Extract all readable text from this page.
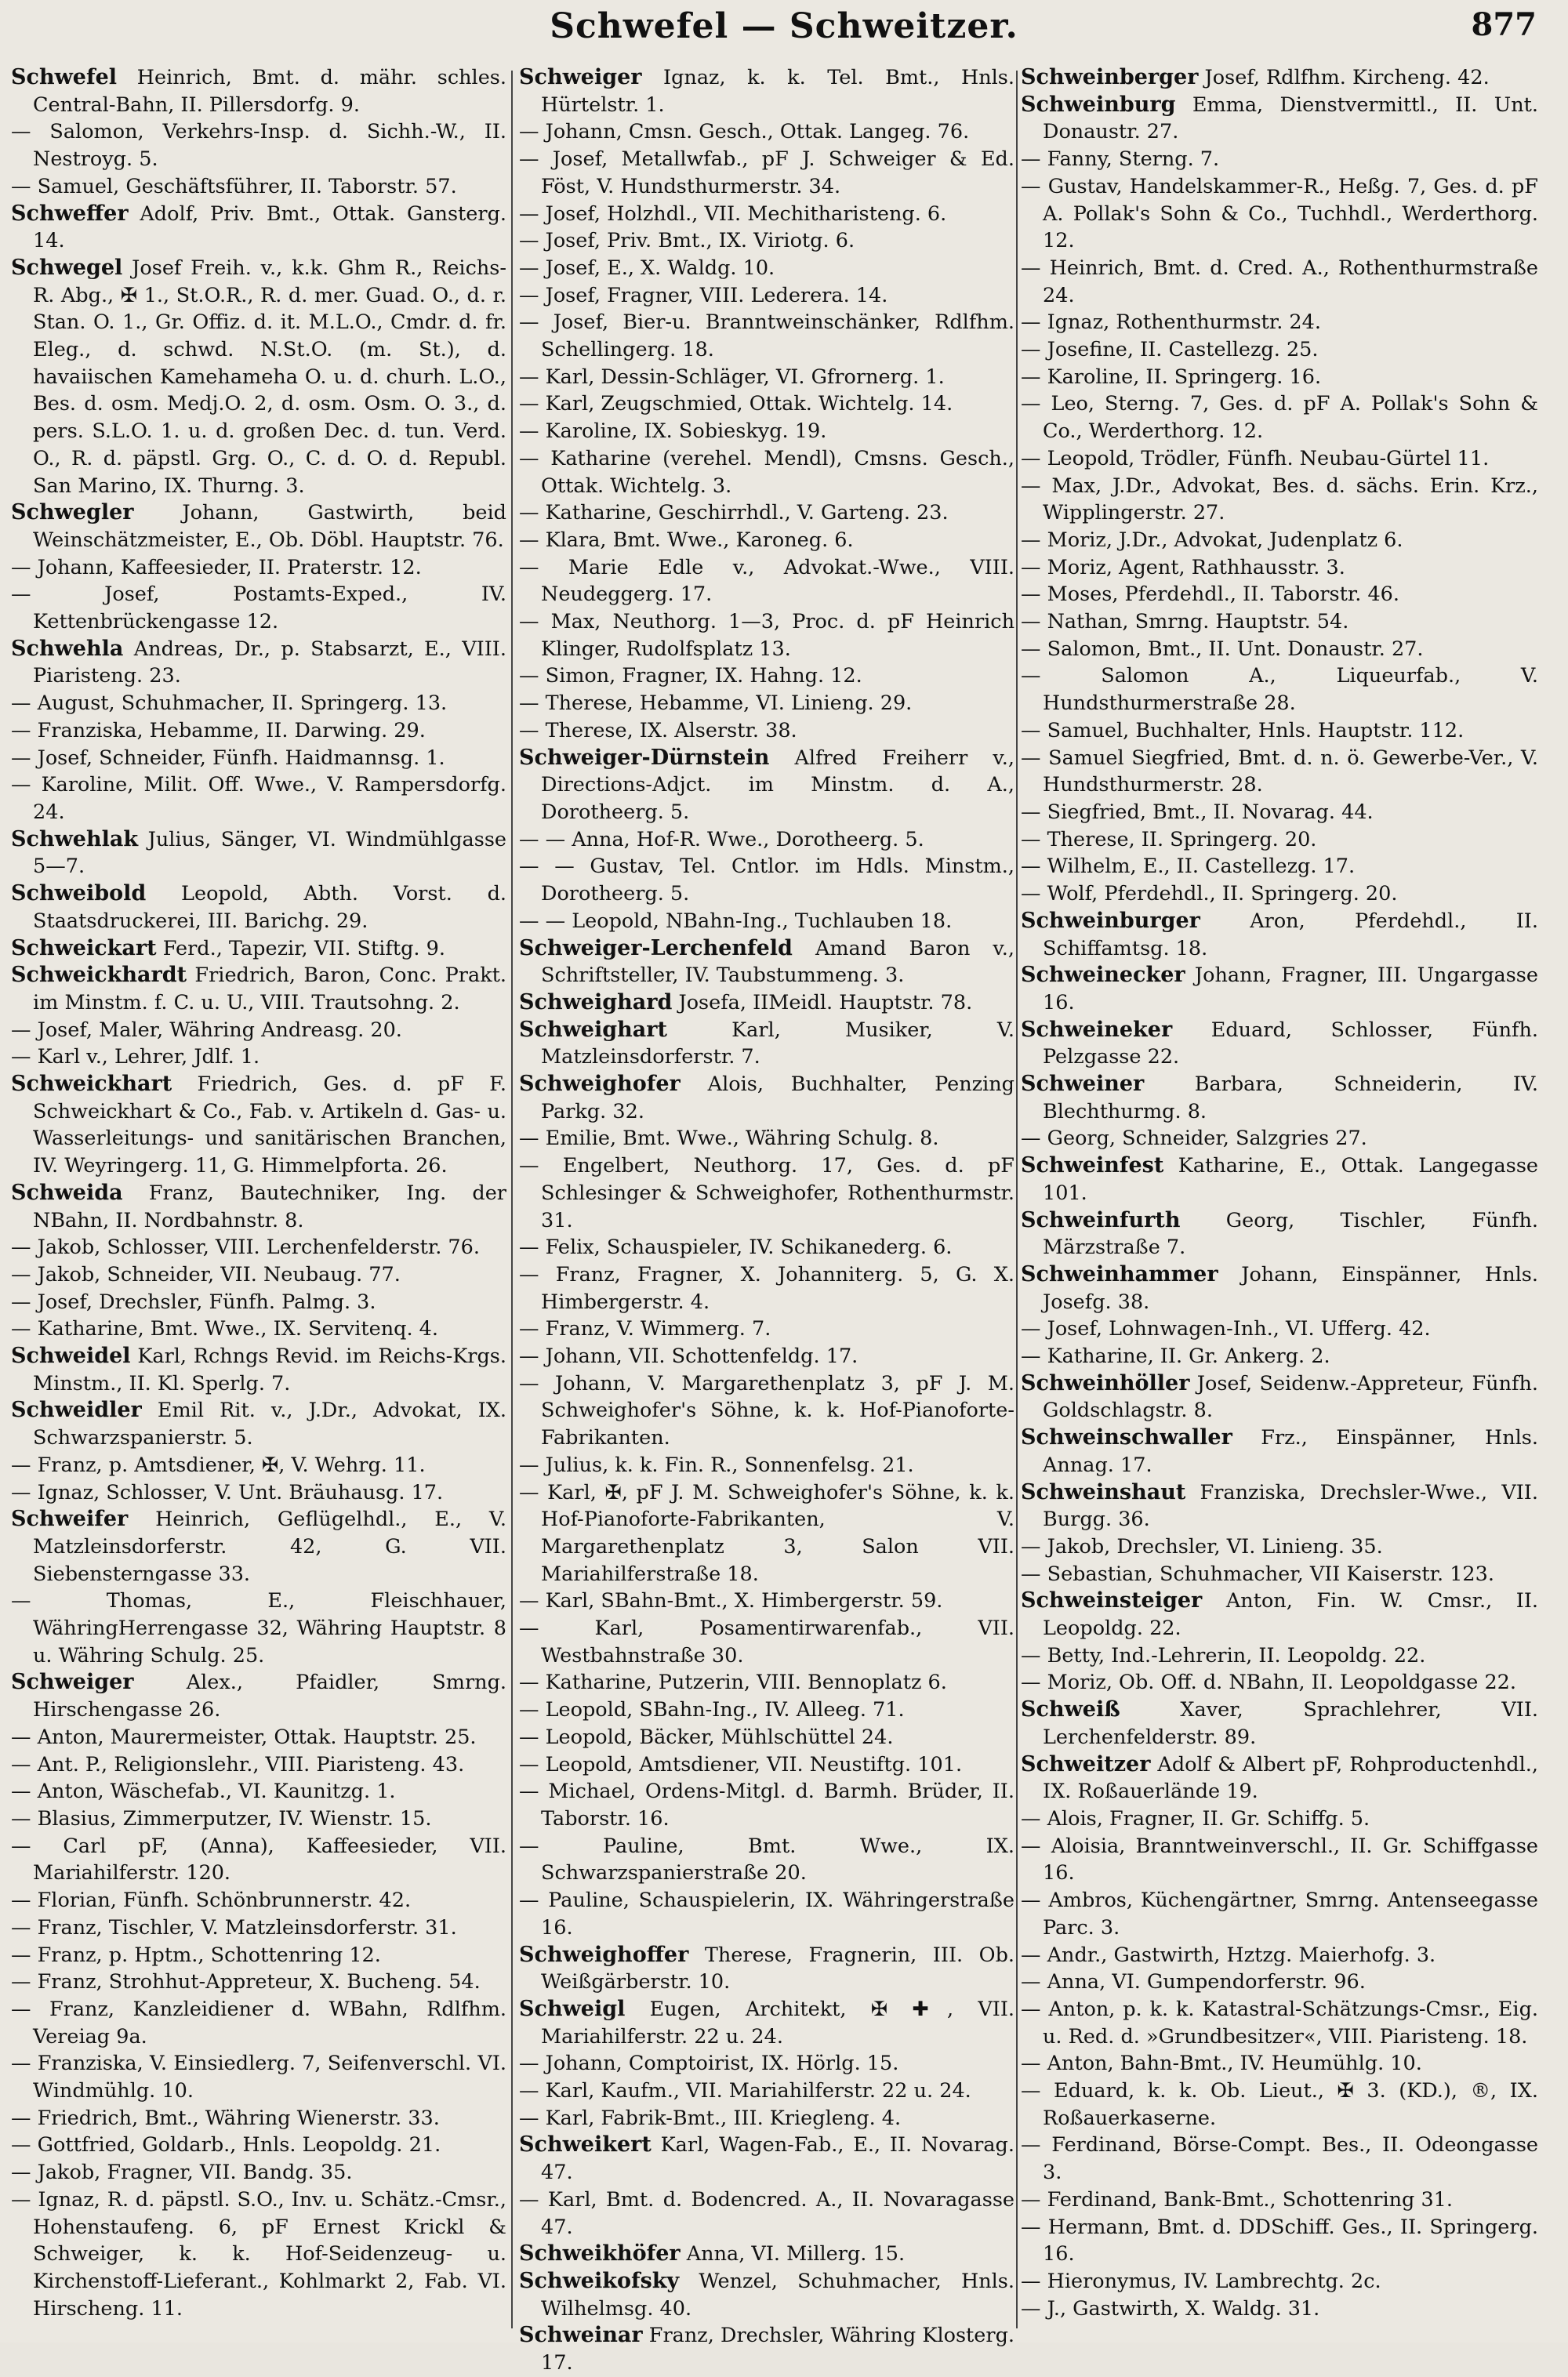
Schwefel — Schweitzer.	877
Schwefel Heinrich, Bmt. d. mähr. schles. Central-Bahn, II. Pillersdorfg. 9.
— Salomon, Verkehrs-Insp. d. Sichh.-W., II. Nestroyg. 5.
— Samuel, Geschäftsführer, II. Taborstr. 57.
Schweffer Adolf, Priv. Bmt., Ottak. Gansterg. 14.
Schwegel Josef Freih. v., k.k. Ghm R., Reichs-R. Abg., ✠ 1., St.O.R., R. d. mer. Guad. O., d. r. Stan. O. 1., Gr. Offiz. d. it. M.L.O., Cmdr. d. fr. Eleg., d. schwd. N.St.O. (m. St.), d. havaiischen Kamehameha O. u. d. churh. L.O., Bes. d. osm. Medj.O. 2, d. osm. Osm. O. 3., d. pers. S.L.O. 1. u. d. großen Dec. d. tun. Verd. O., R. d. päpstl. Grg. O., C. d. O. d. Republ. San Marino, IX. Thurng. 3.
Schwegler Johann, Gastwirth, beid Weinschätzmeister, E., Ob. Döbl. Hauptstr. 76.
— Johann, Kaffeesieder, II. Praterstr. 12.
— Josef, Postamts-Exped., IV. Kettenbrückengasse 12.
Schwehla Andreas, Dr., p. Stabsarzt, E., VIII. Piaristeng. 23.
— August, Schuhmacher, II. Springerg. 13.
— Franziska, Hebamme, II. Darwing. 29.
— Josef, Schneider, Fünfh. Haidmannsg. 1.
— Karoline, Milit. Off. Wwe., V. Rampersdorfg. 24.
Schwehlak Julius, Sänger, VI. Windmühlgasse 5—7.
Schweibold Leopold, Abth. Vorst. d. Staatsdruckerei, III. Barichg. 29.
Schweickart Ferd., Tapezir, VII. Stiftg. 9.
Schweickhardt Friedrich, Baron, Conc. Prakt. im Minstm. f. C. u. U., VIII. Trautsohng. 2.
— Josef, Maler, Währing Andreasg. 20.
— Karl v., Lehrer, Jdlf. 1.
Schweickhart Friedrich, Ges. d. pF F. Schweickhart & Co., Fab. v. Artikeln d. Gas- u. Wasserleitungs- und sanitärischen Branchen, IV. Weyringerg. 11, G. Himmelpforta. 26.
Schweida Franz, Bautechniker, Ing. der NBahn, II. Nordbahnstr. 8.
— Jakob, Schlosser, VIII. Lerchenfelderstr. 76.
— Jakob, Schneider, VII. Neubaug. 77.
— Josef, Drechsler, Fünfh. Palmg. 3.
— Katharine, Bmt. Wwe., IX. Servitenq. 4.
Schweidel Karl, Rchngs Revid. im Reichs-Krgs. Minstm., II. Kl. Sperlg. 7.
Schweidler Emil Rit. v., J.Dr., Advokat, IX. Schwarzspanierstr. 5.
— Franz, p. Amtsdiener, ✠, V. Wehrg. 11.
— Ignaz, Schlosser, V. Unt. Bräuhausg. 17.
Schweifer Heinrich, Geflügelhdl., E., V. Matzleinsdorferstr. 42, G. VII. Siebensterngasse 33.
— Thomas, E., Fleischhauer, WähringHerrengasse 32, Währing Hauptstr. 8 u. Währing Schulg. 25.
Schweiger Alex., Pfaidler, Smrng. Hirschengasse 26.
— Anton, Maurermeister, Ottak. Hauptstr. 25.
— Ant. P., Religionslehr., VIII. Piaristeng. 43.
— Anton, Wäschefab., VI. Kaunitzg. 1.
— Blasius, Zimmerputzer, IV. Wienstr. 15.
— Carl pF, (Anna), Kaffeesieder, VII. Mariahilferstr. 120.
— Florian, Fünfh. Schönbrunnerstr. 42.
— Franz, Tischler, V. Matzleinsdorferstr. 31.
— Franz, p. Hptm., Schottenring 12.
— Franz, Strohhut-Appreteur, X. Bucheng. 54.
— Franz, Kanzleidiener d. WBahn, Rdlfhm. Vereiag 9a.
— Franziska, V. Einsiedlerg. 7, Seifenverschl. VI. Windmühlg. 10.
— Friedrich, Bmt., Währing Wienerstr. 33.
— Gottfried, Goldarb., Hnls. Leopoldg. 21.
— Jakob, Fragner, VII. Bandg. 35.
— Ignaz, R. d. päpstl. S.O., Inv. u. Schätz.-Cmsr., Hohenstaufeng. 6, pF Ernest Krickl & Schweiger, k. k. Hof-Seidenzeug- u. Kirchenstoff-Lieferant., Kohlmarkt 2, Fab. VI. Hirscheng. 11.
Schweiger Ignaz, k. k. Tel. Bmt., Hnls. Hürtelstr. 1.
— Johann, Cmsn. Gesch., Ottak. Langeg. 76.
— Josef, Metallwfab., pF J. Schweiger & Ed. Föst, V. Hundsthurmerstr. 34.
— Josef, Holzhdl., VII. Mechitharisteng. 6.
— Josef, Priv. Bmt., IX. Viriotg. 6.
— Josef, E., X. Waldg. 10.
— Josef, Fragner, VIII. Lederera. 14.
— Josef, Bier-u. Branntweinschänker, Rdlfhm. Schellingerg. 18.
— Karl, Dessin-Schläger, VI. Gfrornerg. 1.
— Karl, Zeugschmied, Ottak. Wichtelg. 14.
— Karoline, IX. Sobieskyg. 19.
— Katharine (verehel. Mendl), Cmsns. Gesch., Ottak. Wichtelg. 3.
— Katharine, Geschirrhdl., V. Garteng. 23.
— Klara, Bmt. Wwe., Karoneg. 6.
— Marie Edle v., Advokat.-Wwe., VIII. Neudeggerg. 17.
— Max, Neuthorg. 1—3, Proc. d. pF Heinrich Klinger, Rudolfsplatz 13.
— Simon, Fragner, IX. Hahng. 12.
— Therese, Hebamme, VI. Linieng. 29.
— Therese, IX. Alserstr. 38.
Schweiger-Dürnstein Alfred Freiherr v., Directions-Adjct. im Minstm. d. A., Dorotheerg. 5.
— — Anna, Hof-R. Wwe., Dorotheerg. 5.
— — Gustav, Tel. Cntlor. im Hdls. Minstm., Dorotheerg. 5.
— — Leopold, NBahn-Ing., Tuchlauben 18.
Schweiger-Lerchenfeld Amand Baron v., Schriftsteller, IV. Taubstummeng. 3.
Schweighard Josefa, IIMeidl. Hauptstr. 78.
Schweighart Karl, Musiker, V. Matzleinsdorferstr. 7.
Schweighofer Alois, Buchhalter, Penzing Parkg. 32.
— Emilie, Bmt. Wwe., Währing Schulg. 8.
— Engelbert, Neuthorg. 17, Ges. d. pF Schlesinger & Schweighofer, Rothenthurmstr. 31.
— Felix, Schauspieler, IV. Schikanederg. 6.
— Franz, Fragner, X. Johanniterg. 5, G. X. Himbergerstr. 4.
— Franz, V. Wimmerg. 7.
— Johann, VII. Schottenfeldg. 17.
— Johann, V. Margarethenplatz 3, pF J. M. Schweighofer's Söhne, k. k. Hof-Pianoforte-Fabrikanten.
— Julius, k. k. Fin. R., Sonnenfelsg. 21.
— Karl, ✠, pF J. M. Schweighofer's Söhne, k. k. Hof-Pianoforte-Fabrikanten, V. Margarethenplatz 3, Salon VII. Mariahilferstraße 18.
— Karl, SBahn-Bmt., X. Himbergerstr. 59.
— Karl, Posamentirwarenfab., VII. Westbahnstraße 30.
— Katharine, Putzerin, VIII. Bennoplatz 6.
— Leopold, SBahn-Ing., IV. Alleeg. 71.
— Leopold, Bäcker, Mühlschüttel 24.
— Leopold, Amtsdiener, VII. Neustiftg. 101.
— Michael, Ordens-Mitgl. d. Barmh. Brüder, II. Taborstr. 16.
— Pauline, Bmt. Wwe., IX. Schwarzspanierstraße 20.
— Pauline, Schauspielerin, IX. Währingerstraße 16.
Schweighoffer Therese, Fragnerin, III. Ob. Weißgärberstr. 10.
Schweigl Eugen, Architekt, ✠ ✚, VII. Mariahilferstr. 22 u. 24.
— Johann, Comptoirist, IX. Hörlg. 15.
— Karl, Kaufm., VII. Mariahilferstr. 22 u. 24.
— Karl, Fabrik-Bmt., III. Kriegleng. 4.
Schweikert Karl, Wagen-Fab., E., II. Novarag. 47.
— Karl, Bmt. d. Bodencred. A., II. Novaragasse 47.
Schweikhöfer Anna, VI. Millerg. 15.
Schweikofsky Wenzel, Schuhmacher, Hnls. Wilhelmsg. 40.
Schweinar Franz, Drechsler, Währing Klosterg. 17.
Schweinberger Josef, Rdlfhm. Kircheng. 42.
Schweinburg Emma, Dienstvermittl., II. Unt. Donaustr. 27.
— Fanny, Sterng. 7.
— Gustav, Handelskammer-R., Heßg. 7, Ges. d. pF A. Pollak's Sohn & Co., Tuchhdl., Werderthorg. 12.
— Heinrich, Bmt. d. Cred. A., Rothenthurmstraße 24.
— Ignaz, Rothenthurmstr. 24.
— Josefine, II. Castellezg. 25.
— Karoline, II. Springerg. 16.
— Leo, Sterng. 7, Ges. d. pF A. Pollak's Sohn & Co., Werderthorg. 12.
— Leopold, Trödler, Fünfh. Neubau-Gürtel 11.
— Max, J.Dr., Advokat, Bes. d. sächs. Erin. Krz., Wipplingerstr. 27.
— Moriz, J.Dr., Advokat, Judenplatz 6.
— Moriz, Agent, Rathhausstr. 3.
— Moses, Pferdehdl., II. Taborstr. 46.
— Nathan, Smrng. Hauptstr. 54.
— Salomon, Bmt., II. Unt. Donaustr. 27.
— Salomon A., Liqueurfab., V. Hundsthurmerstraße 28.
— Samuel, Buchhalter, Hnls. Hauptstr. 112.
— Samuel Siegfried, Bmt. d. n. ö. Gewerbe-Ver., V. Hundsthurmerstr. 28.
— Siegfried, Bmt., II. Novarag. 44.
— Therese, II. Springerg. 20.
— Wilhelm, E., II. Castellezg. 17.
— Wolf, Pferdehdl., II. Springerg. 20.
Schweinburger Aron, Pferdehdl., II. Schiffamtsg. 18.
Schweinecker Johann, Fragner, III. Ungargasse 16.
Schweineker Eduard, Schlosser, Fünfh. Pelzgasse 22.
Schweiner Barbara, Schneiderin, IV. Blechthurmg. 8.
— Georg, Schneider, Salzgries 27.
Schweinfest Katharine, E., Ottak. Langegasse 101.
Schweinfurth Georg, Tischler, Fünfh. Märzstraße 7.
Schweinhammer Johann, Einspänner, Hnls. Josefg. 38.
— Josef, Lohnwagen-Inh., VI. Ufferg. 42.
— Katharine, II. Gr. Ankerg. 2.
Schweinhöller Josef, Seidenw.-Appreteur, Fünfh. Goldschlagstr. 8.
Schweinschwaller Frz., Einspänner, Hnls. Annag. 17.
Schweinshaut Franziska, Drechsler-Wwe., VII. Burgg. 36.
— Jakob, Drechsler, VI. Linieng. 35.
— Sebastian, Schuhmacher, VII Kaiserstr. 123.
Schweinsteiger Anton, Fin. W. Cmsr., II. Leopoldg. 22.
— Betty, Ind.-Lehrerin, II. Leopoldg. 22.
— Moriz, Ob. Off. d. NBahn, II. Leopoldgasse 22.
Schweiß Xaver, Sprachlehrer, VII. Lerchenfelderstr. 89.
Schweitzer Adolf & Albert pF, Rohproductenhdl., IX. Roßauerlände 19.
— Alois, Fragner, II. Gr. Schiffg. 5.
— Aloisia, Branntweinverschl., II. Gr. Schiffgasse 16.
— Ambros, Küchengärtner, Smrng. Antenseegasse Parc. 3.
— Andr., Gastwirth, Hztzg. Maierhofg. 3.
— Anna, VI. Gumpendorferstr. 96.
— Anton, p. k. k. Katastral-Schätzungs-Cmsr., Eig. u. Red. d. »Grundbesitzer«, VIII. Piaristeng. 18.
— Anton, Bahn-Bmt., IV. Heumühlg. 10.
— Eduard, k. k. Ob. Lieut., ✠ 3. (KD.), ®, IX. Roßauerkaserne.
— Ferdinand, Börse-Compt. Bes., II. Odeongasse 3.
— Ferdinand, Bank-Bmt., Schottenring 31.
— Hermann, Bmt. d. DDSchiff. Ges., II. Springerg. 16.
— Hieronymus, IV. Lambrechtg. 2c.
— J., Gastwirth, X. Waldg. 31.
